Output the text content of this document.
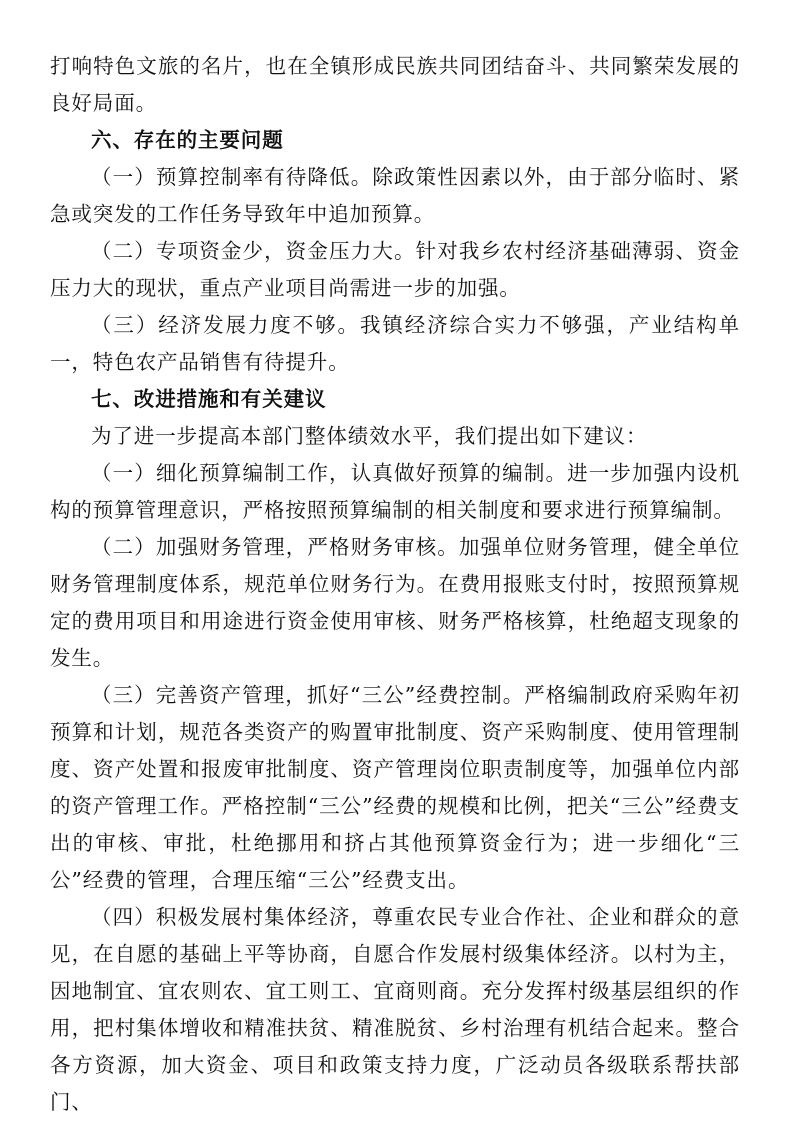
打响特色文旅的名片，也在全镇形成民族共同团结奋斗、共同繁荣发展的良好局面。

六、存在的主要问题

（一）预算控制率有待降低。除政策性因素以外，由于部分临时、紧急或突发的工作任务导致年中追加预算。

（二）专项资金少，资金压力大。针对我乡农村经济基础薄弱、资金压力大的现状，重点产业项目尚需进一步的加强。

（三）经济发展力度不够。我镇经济综合实力不够强，产业结构单一，特色农产品销售有待提升。

七、改进措施和有关建议

为了进一步提高本部门整体绩效水平，我们提出如下建议：

（一）细化预算编制工作，认真做好预算的编制。进一步加强内设机构的预算管理意识，严格按照预算编制的相关制度和要求进行预算编制。

（二）加强财务管理，严格财务审核。加强单位财务管理，健全单位财务管理制度体系，规范单位财务行为。在费用报账支付时，按照预算规定的费用项目和用途进行资金使用审核、财务严格核算，杜绝超支现象的发生。

（三）完善资产管理，抓好“三公”经费控制。严格编制政府采购年初预算和计划，规范各类资产的购置审批制度、资产采购制度、使用管理制度、资产处置和报废审批制度、资产管理岗位职责制度等，加强单位内部的资产管理工作。严格控制“三公”经费的规模和比例，把关“三公”经费支出的审核、审批，杜绝挪用和挤占其他预算资金行为；进一步细化“三公”经费的管理，合理压缩“三公”经费支出。

（四）积极发展村集体经济，尊重农民专业合作社、企业和群众的意见，在自愿的基础上平等协商，自愿合作发展村级集体经济。以村为主，因地制宜、宜农则农、宜工则工、宜商则商。充分发挥村级基层组织的作用，把村集体增收和精准扶贫、精准脱贫、乡村治理有机结合起来。整合各方资源，加大资金、项目和政策支持力度，广泛动员各级联系帮扶部门、
